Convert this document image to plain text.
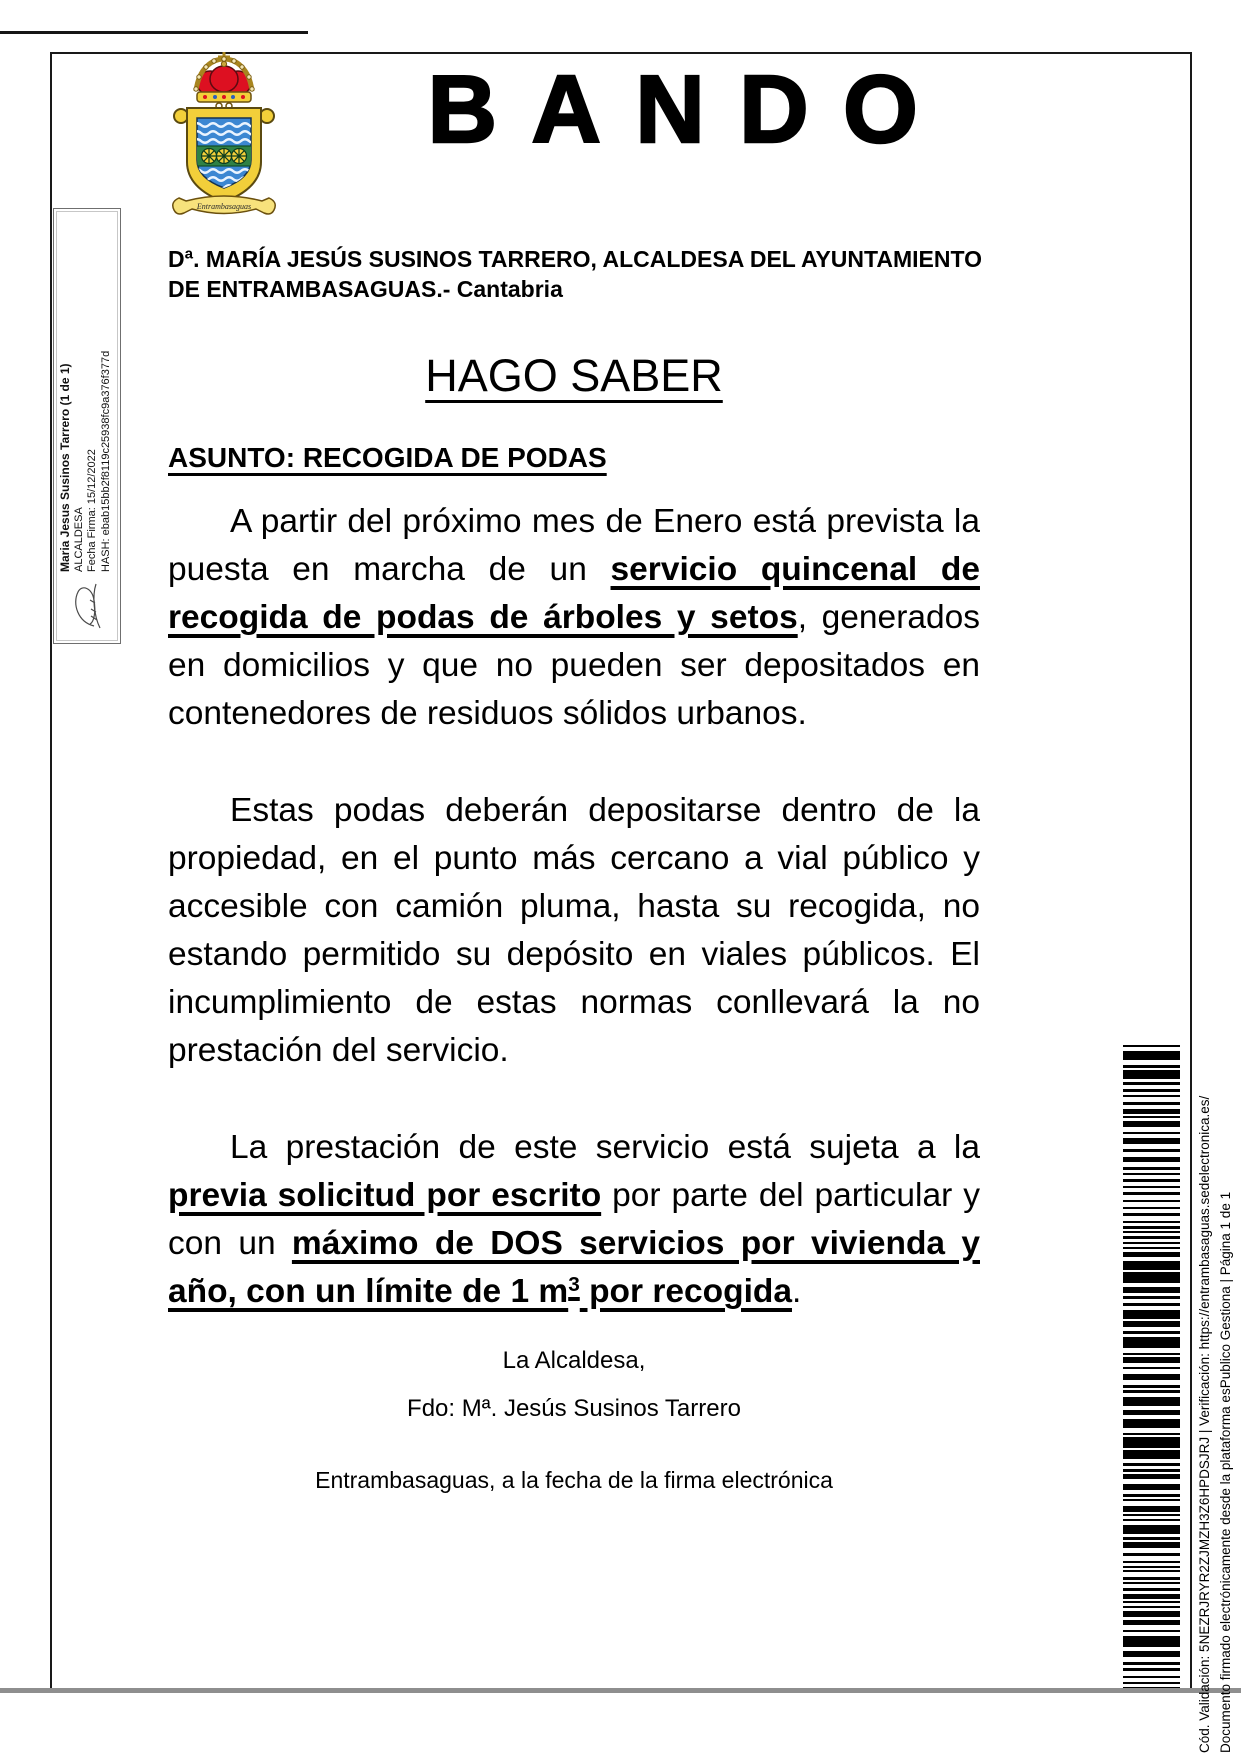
Entrambasaguas
BANDO
Dª. MARÍA JESÚS SUSINOS TARRERO, ALCALDESA DEL AYUNTAMIENTO
DE ENTRAMBASAGUAS.- Cantabria
HAGO SABER
ASUNTO: RECOGIDA DE PODAS

A partir del próximo mes de Enero está prevista la puesta en marcha de un servicio quincenal de recogida de podas de árboles y setos, generados en domicilios y que no pueden ser depositados en contenedores de residuos sólidos urbanos.

Estas podas deberán depositarse dentro de la propiedad, en el punto más cercano a vial público y accesible con camión pluma, hasta su recogida, no estando permitido su depósito en viales públicos. El incumplimiento de estas normas conllevará la no prestación del servicio.

La prestación de este servicio está sujeta a la previa solicitud por escrito por parte del particular y con un máximo de DOS servicios por vivienda y año, con un límite de 1 $m^3$ por recogida.

La Alcaldesa,
Fdo: Mª. Jesús Susinos Tarrero
Entrambasaguas, a la fecha de la firma electrónica
Maria Jesus Susinos Tarrero (1 de 1) ALCALDESA Fecha Firma: 15/12/2022 HASH: ebab15bb2f8119c25938fc9a376f377d
Cód. Validación: 5NEZRJRYR2ZJMZH3Z6HPDSJRJ | Verificación: https://entrambasaguas.sedelectronica.es/ Documento firmado electrónicamente desde la plataforma esPublico Gestiona | Página 1 de 1
